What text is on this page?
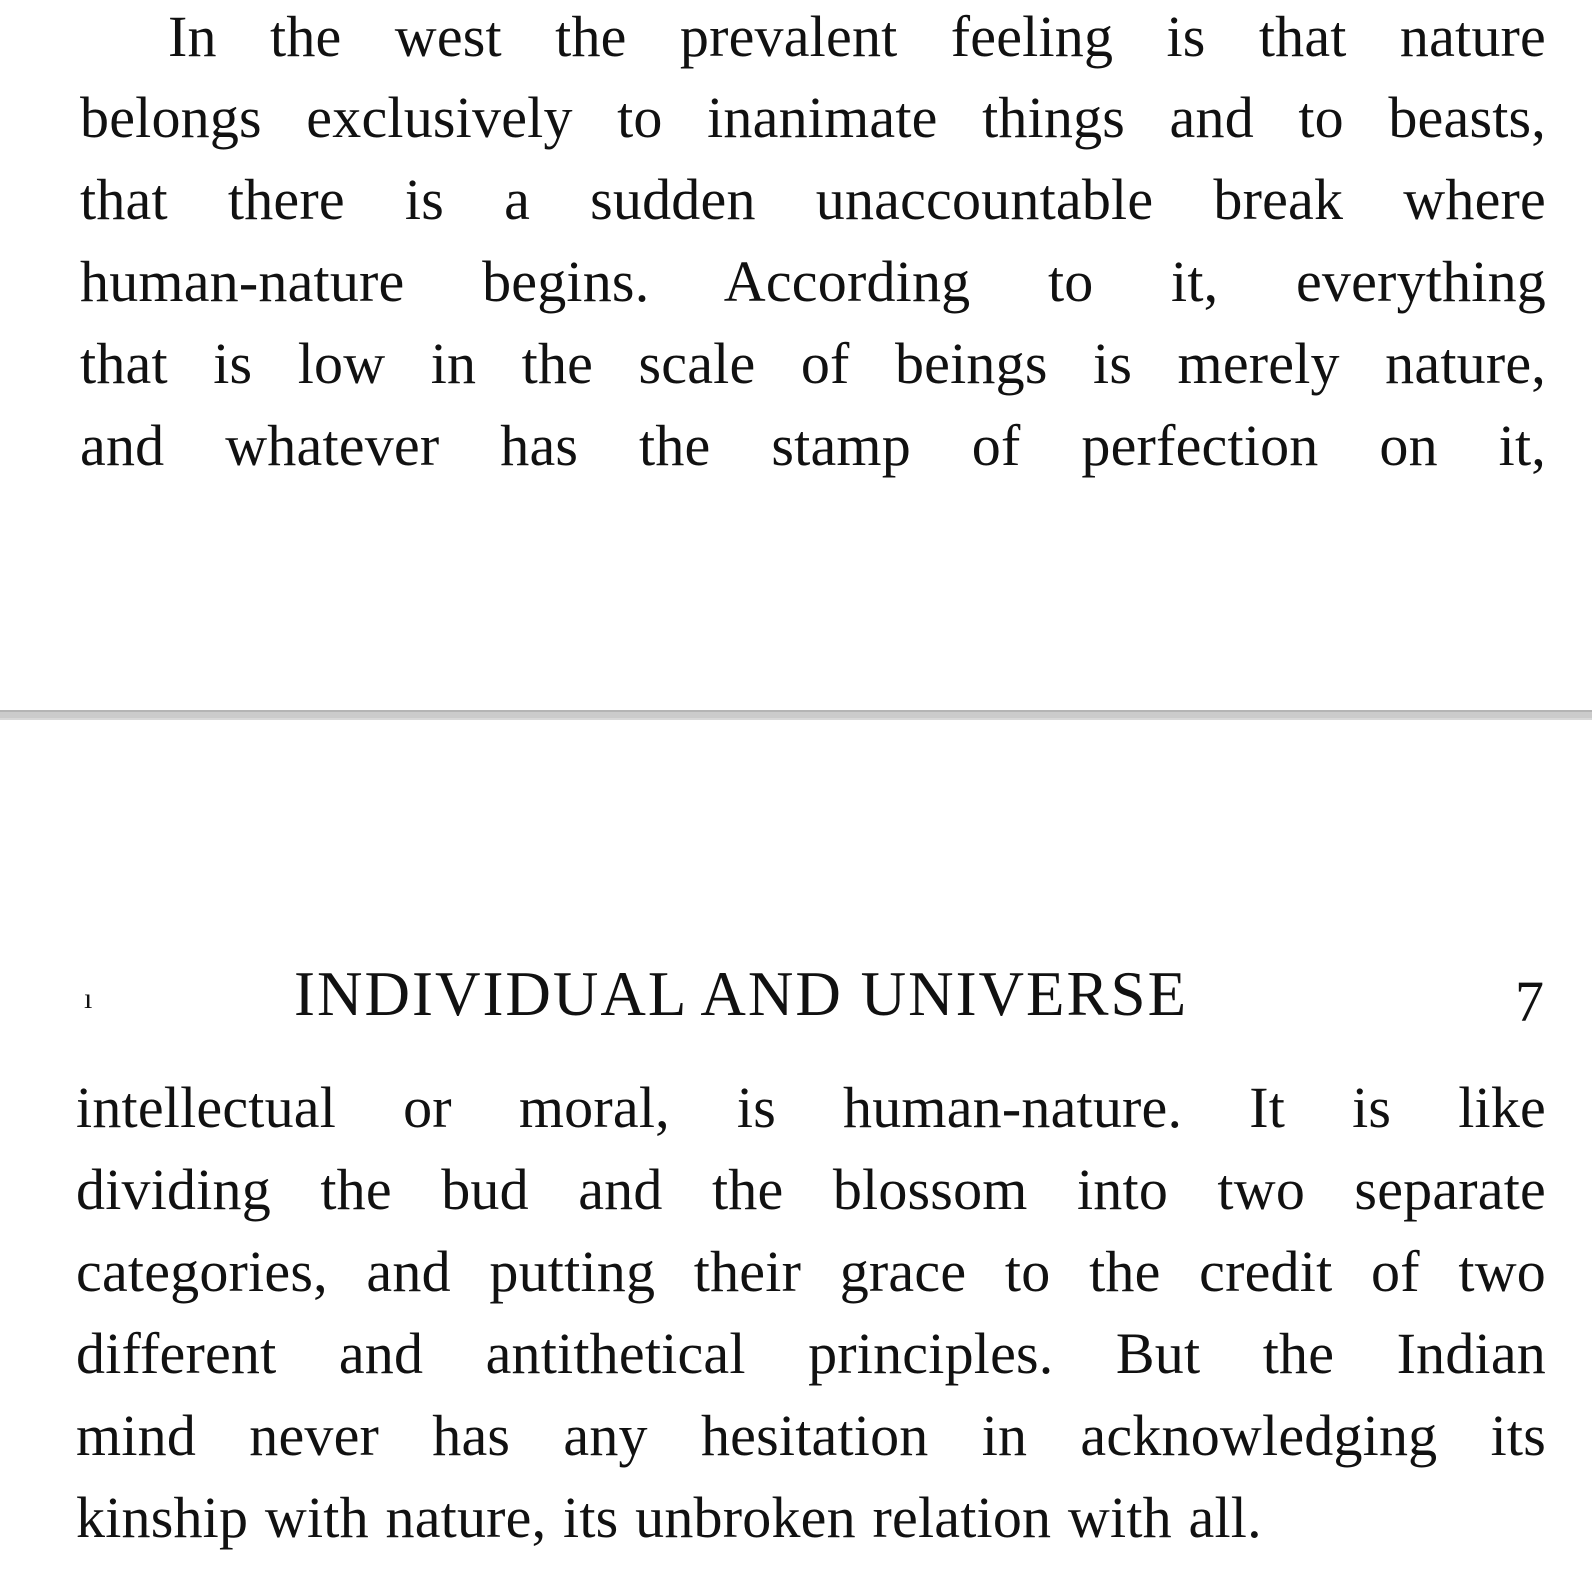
In the west the prevalent feeling is that nature
belongs exclusively to inanimate things and to beasts,
that there is a sudden unaccountable break where
human-nature begins. According to it, everything
that is low in the scale of beings is merely nature,
and whatever has the stamp of perfection on it,
ı	INDIVIDUAL AND UNIVERSE	7
intellectual or moral, is human-nature. It is like
dividing the bud and the blossom into two separate
categories, and putting their grace to the credit of two
different and antithetical principles. But the Indian
mind never has any hesitation in acknowledging its
kinship with nature, its unbroken relation with all.
